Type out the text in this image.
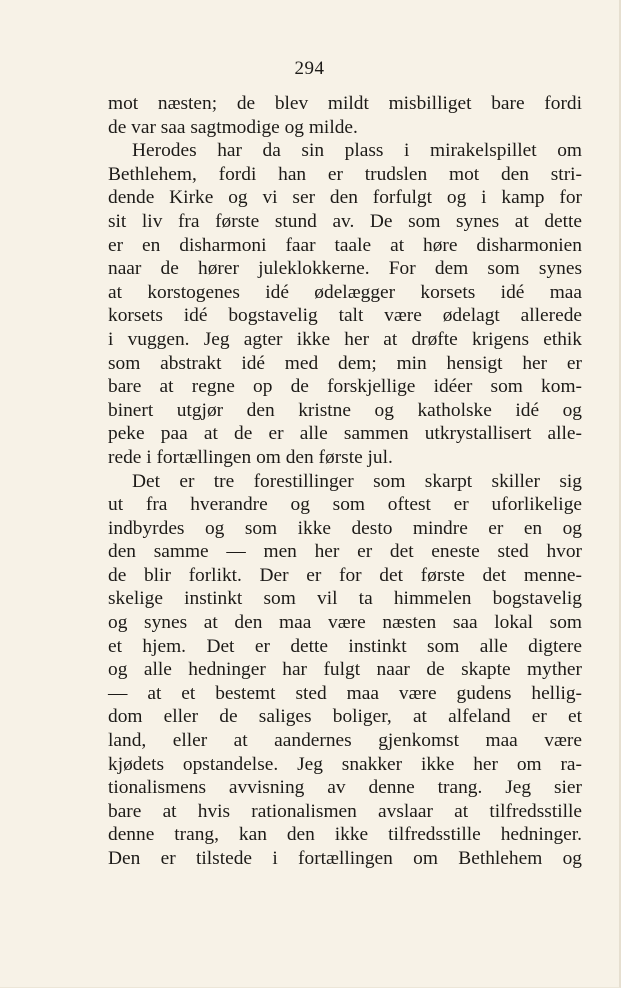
294
mot næsten; de blev mildt misbilliget bare fordi
de var saa sagtmodige og milde.
Herodes har da sin plass i mirakelspillet om
Bethlehem, fordi han er trudslen mot den stri-
dende Kirke og vi ser den forfulgt og i kamp for
sit liv fra første stund av. De som synes at dette
er en disharmoni faar taale at høre disharmonien
naar de hører juleklokkerne. For dem som synes
at korstogenes idé ødelægger korsets idé maa
korsets idé bogstavelig talt være ødelagt allerede
i vuggen. Jeg agter ikke her at drøfte krigens ethik
som abstrakt idé med dem; min hensigt her er
bare at regne op de forskjellige idéer som kom-
binert utgjør den kristne og katholske idé og
peke paa at de er alle sammen utkrystallisert alle-
rede i fortællingen om den første jul.
Det er tre forestillinger som skarpt skiller sig
ut fra hverandre og som oftest er uforlikelige
indbyrdes og som ikke desto mindre er en og
den samme — men her er det eneste sted hvor
de blir forlikt. Der er for det første det menne-
skelige instinkt som vil ta himmelen bogstavelig
og synes at den maa være næsten saa lokal som
et hjem. Det er dette instinkt som alle digtere
og alle hedninger har fulgt naar de skapte myther
— at et bestemt sted maa være gudens hellig-
dom eller de saliges boliger, at alfeland er et
land, eller at aandernes gjenkomst maa være
kjødets opstandelse. Jeg snakker ikke her om ra-
tionalismens avvisning av denne trang. Jeg sier
bare at hvis rationalismen avslaar at tilfredsstille
denne trang, kan den ikke tilfredsstille hedninger.
Den er tilstede i fortællingen om Bethlehem og
